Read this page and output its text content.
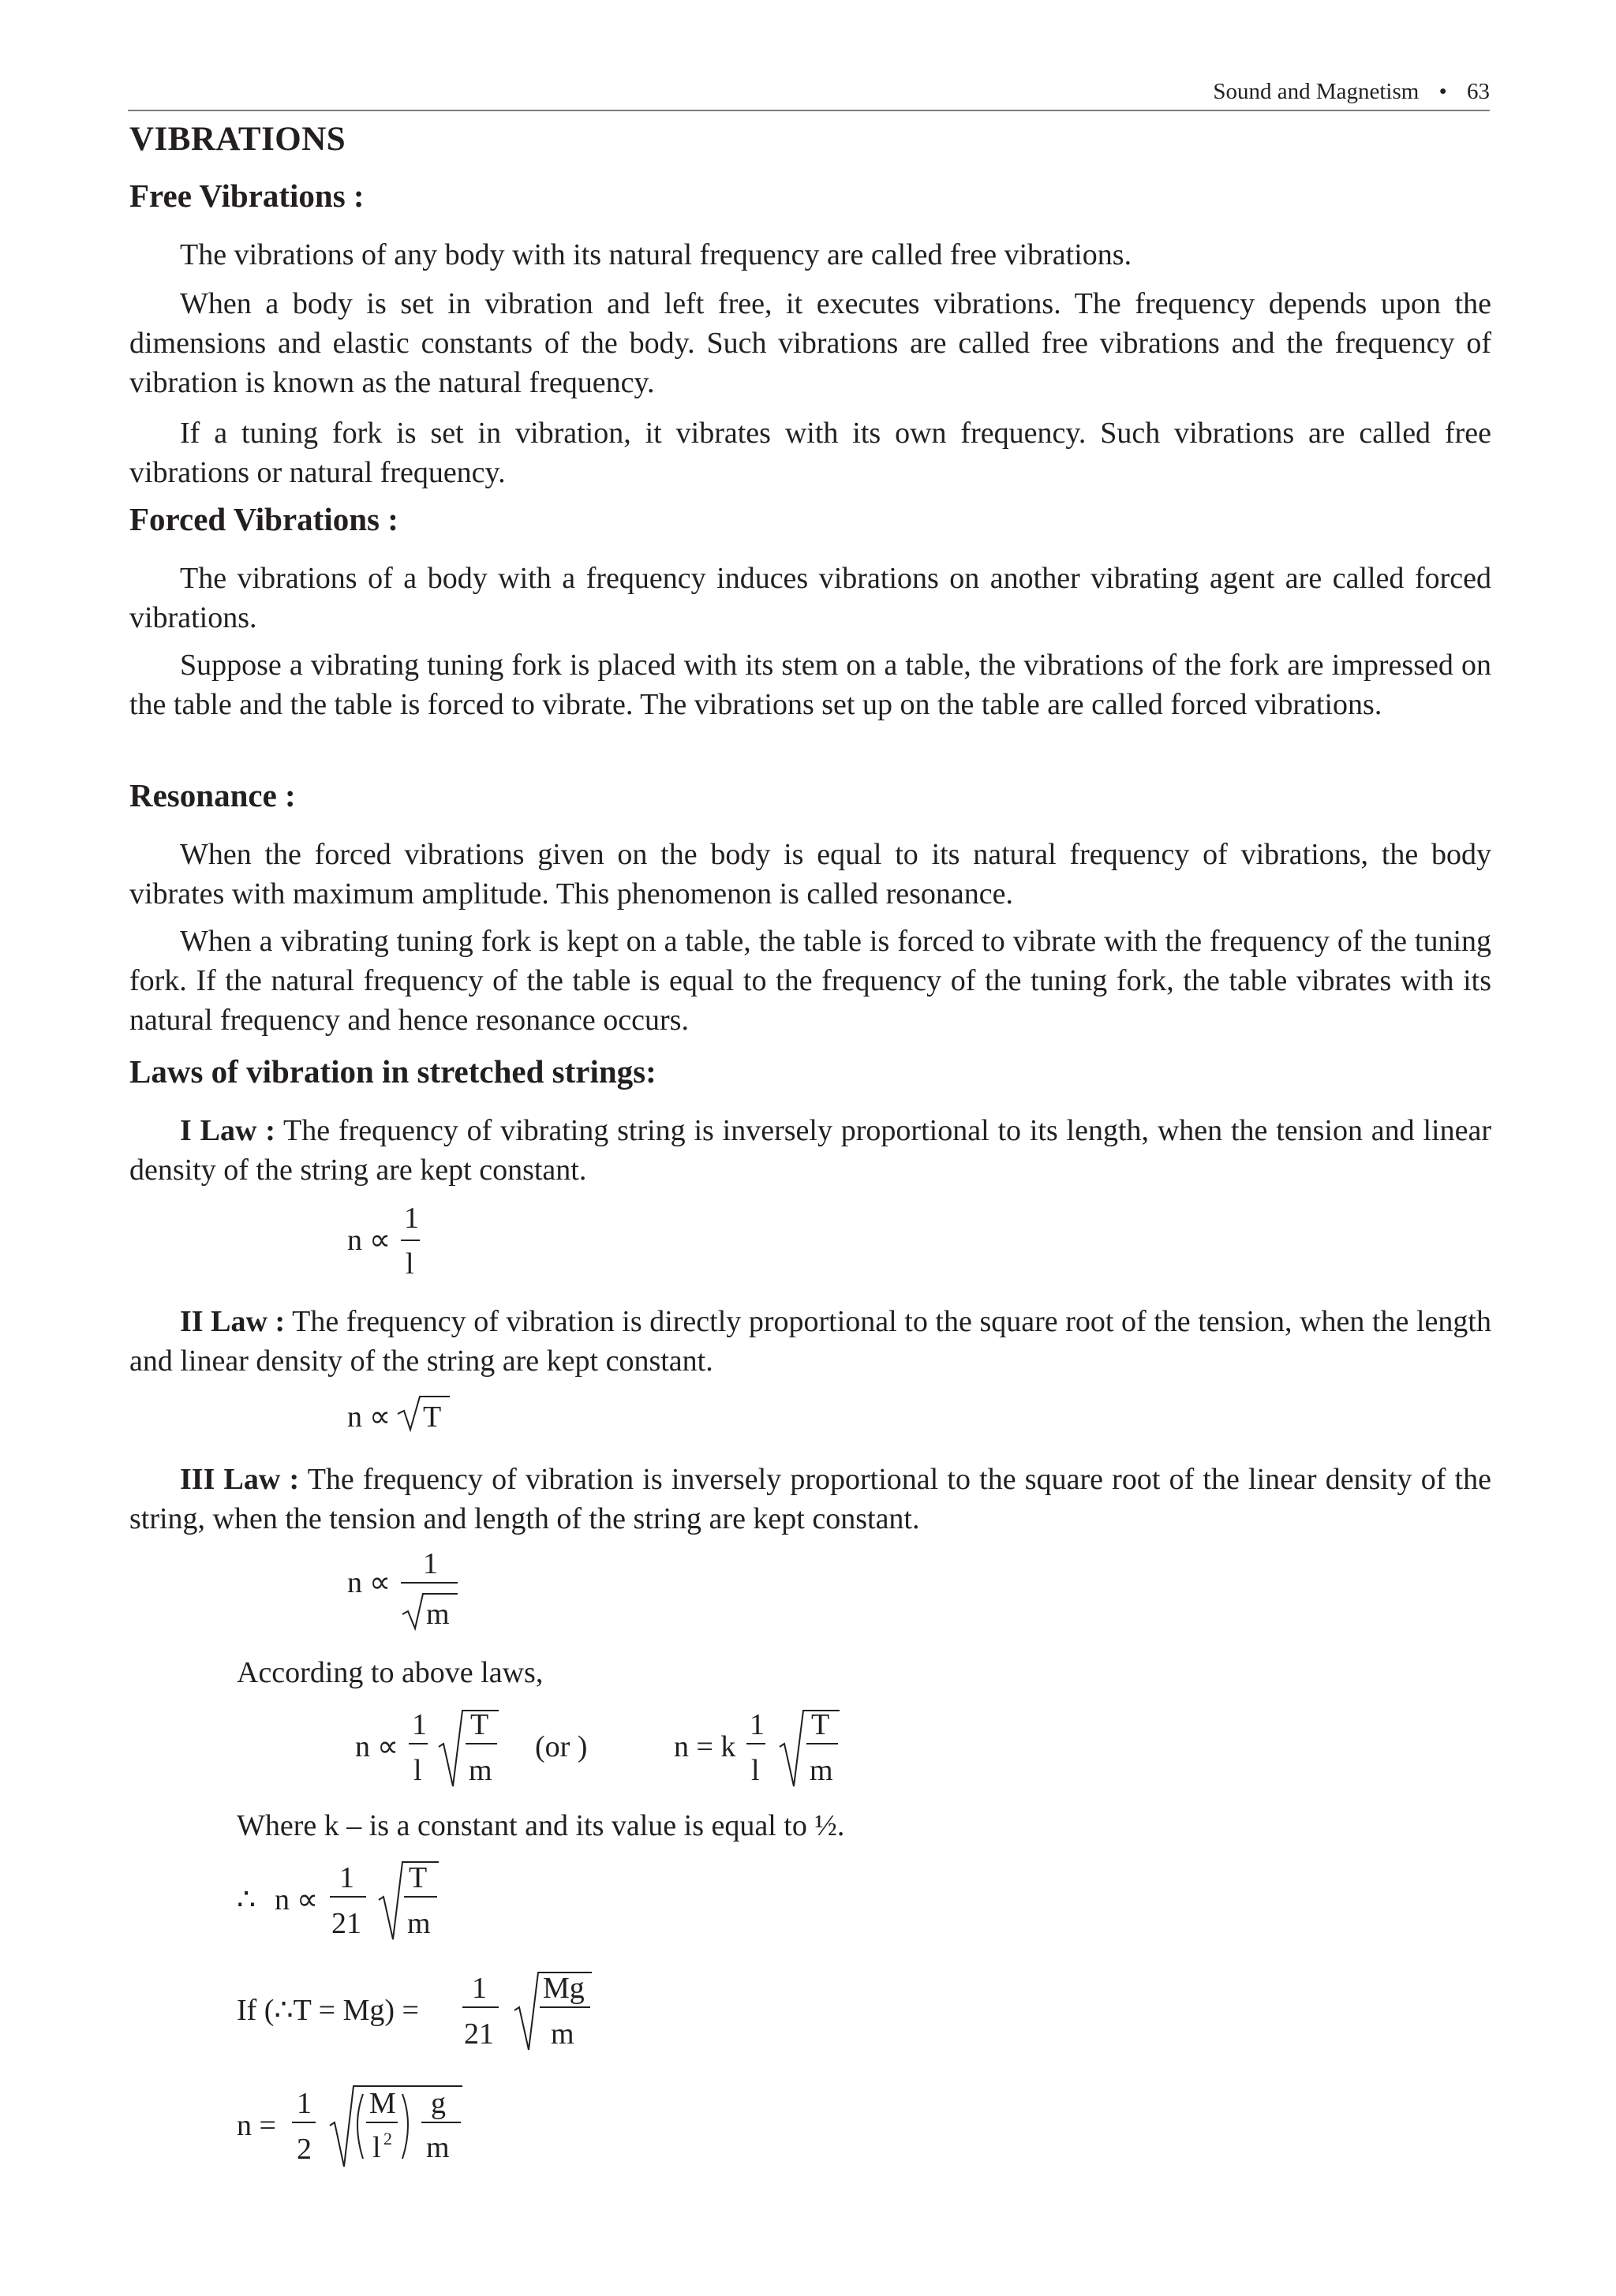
Sound and Magnetism • 63
VIBRATIONS
Free Vibrations :

The vibrations of any body with its natural frequency are called free vibrations.

When a body is set in vibration and left free, it executes vibrations. The frequency depends upon the dimensions and elastic constants of the body. Such vibrations are called free vibrations and the frequency of vibration is known as the natural frequency.

If a tuning fork is set in vibration, it vibrates with its own frequency. Such vibrations are called free vibrations or natural frequency.

Forced Vibrations :

The vibrations of a body with a frequency induces vibrations on another vibrating agent are called forced vibrations.

Suppose a vibrating tuning fork is placed with its stem on a table, the vibrations of the fork are impressed on the table and the table is forced to vibrate. The vibrations set up on the table are called forced vibrations.

Resonance :

When the forced vibrations given on the body is equal to its natural frequency of vibrations, the body vibrates with maximum amplitude. This phenomenon is called resonance.

When a vibrating tuning fork is kept on a table, the table is forced to vibrate with the frequency of the tuning fork. If the natural frequency of the table is equal to the frequency of the tuning fork, the table vibrates with its natural frequency and hence resonance occurs.

Laws of vibration in stretched strings:

I Law : The frequency of vibrating string is inversely proportional to its length, when the tension and linear density of the string are kept constant.

n ∝
1
l

II Law : The frequency of vibration is directly proportional to the square root of the tension, when the length and linear density of the string are kept constant.

n ∝ T

III Law : The frequency of vibration is inversely proportional to the square root of the linear density of the string, when the tension and length of the string are kept constant.

n ∝
1
m
According to above laws,
n ∝
1
l
T
m
(or )	n = k
1
l
T
m
Where k – is a constant and its value is equal to ½.
∴ n ∝
1
21
T
m
If (∴T = Mg) =
1
21
Mg
m
n =
1
2
M
l 2
g
m
